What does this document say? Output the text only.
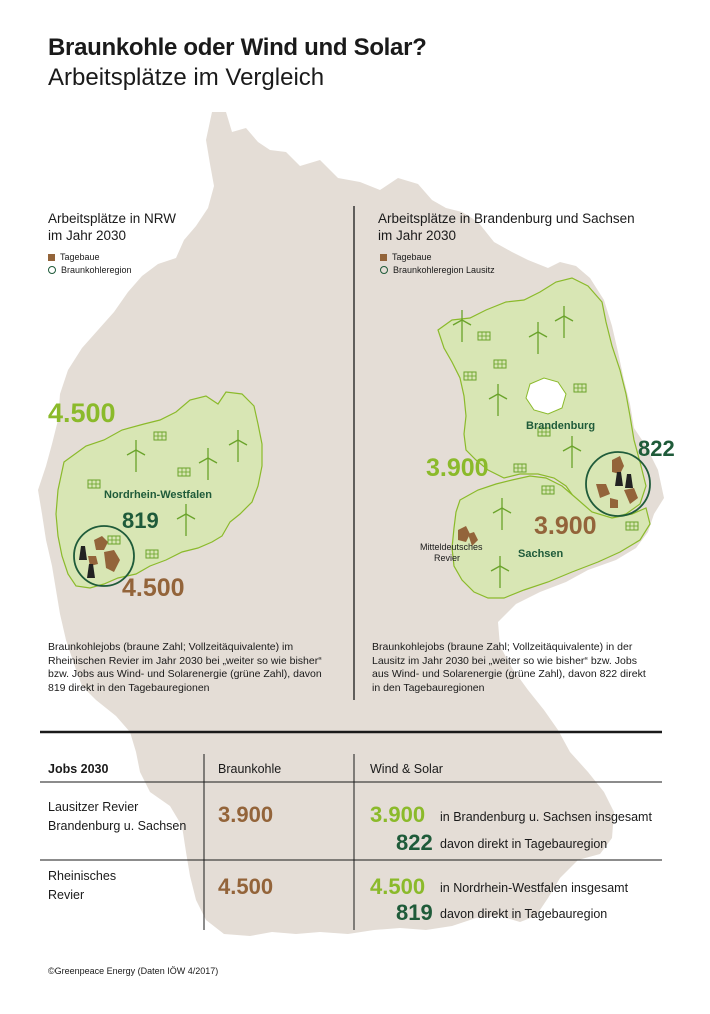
Braunkohle oder Wind und Solar?
Arbeitsplätze im Vergleich
Arbeitsplätze in NRW
im Jahr 2030
Tagebaue
Braunkohleregion
4.500
Nordrhein-Westfalen
819
4.500
Braunkohlejobs (braune Zahl; Vollzeitäquivalente) im
Rheinischen Revier im Jahr 2030 bei „weiter so wie bisher“
bzw. Jobs aus Wind- und Solarenergie (grüne Zahl), davon
819 direkt in den Tagebauregionen
Arbeitsplätze in Brandenburg und Sachsen
im Jahr 2030
Tagebaue
Braunkohleregion Lausitz
Brandenburg
822
3.900
3.900
Sachsen
Mitteldeutsches
Revier
Braunkohlejobs (braune Zahl; Vollzeitäquivalente) in der
Lausitz im Jahr 2030 bei „weiter so wie bisher“ bzw. Jobs
aus Wind- und Solarenergie (grüne Zahl), davon 822 direkt
in den Tagebauregionen
Jobs 2030	Braunkohle	Wind & Solar
Lausitzer Revier
Brandenburg u. Sachsen 3.900	3.900 in Brandenburg u. Sachsen insgesamt
822 davon direkt in Tagebauregion
Rheinisches
Revier	4.500	4.500 in Nordrhein-Westfalen insgesamt
819 davon direkt in Tagebauregion
©Greenpeace Energy (Daten IÖW 4/2017)
